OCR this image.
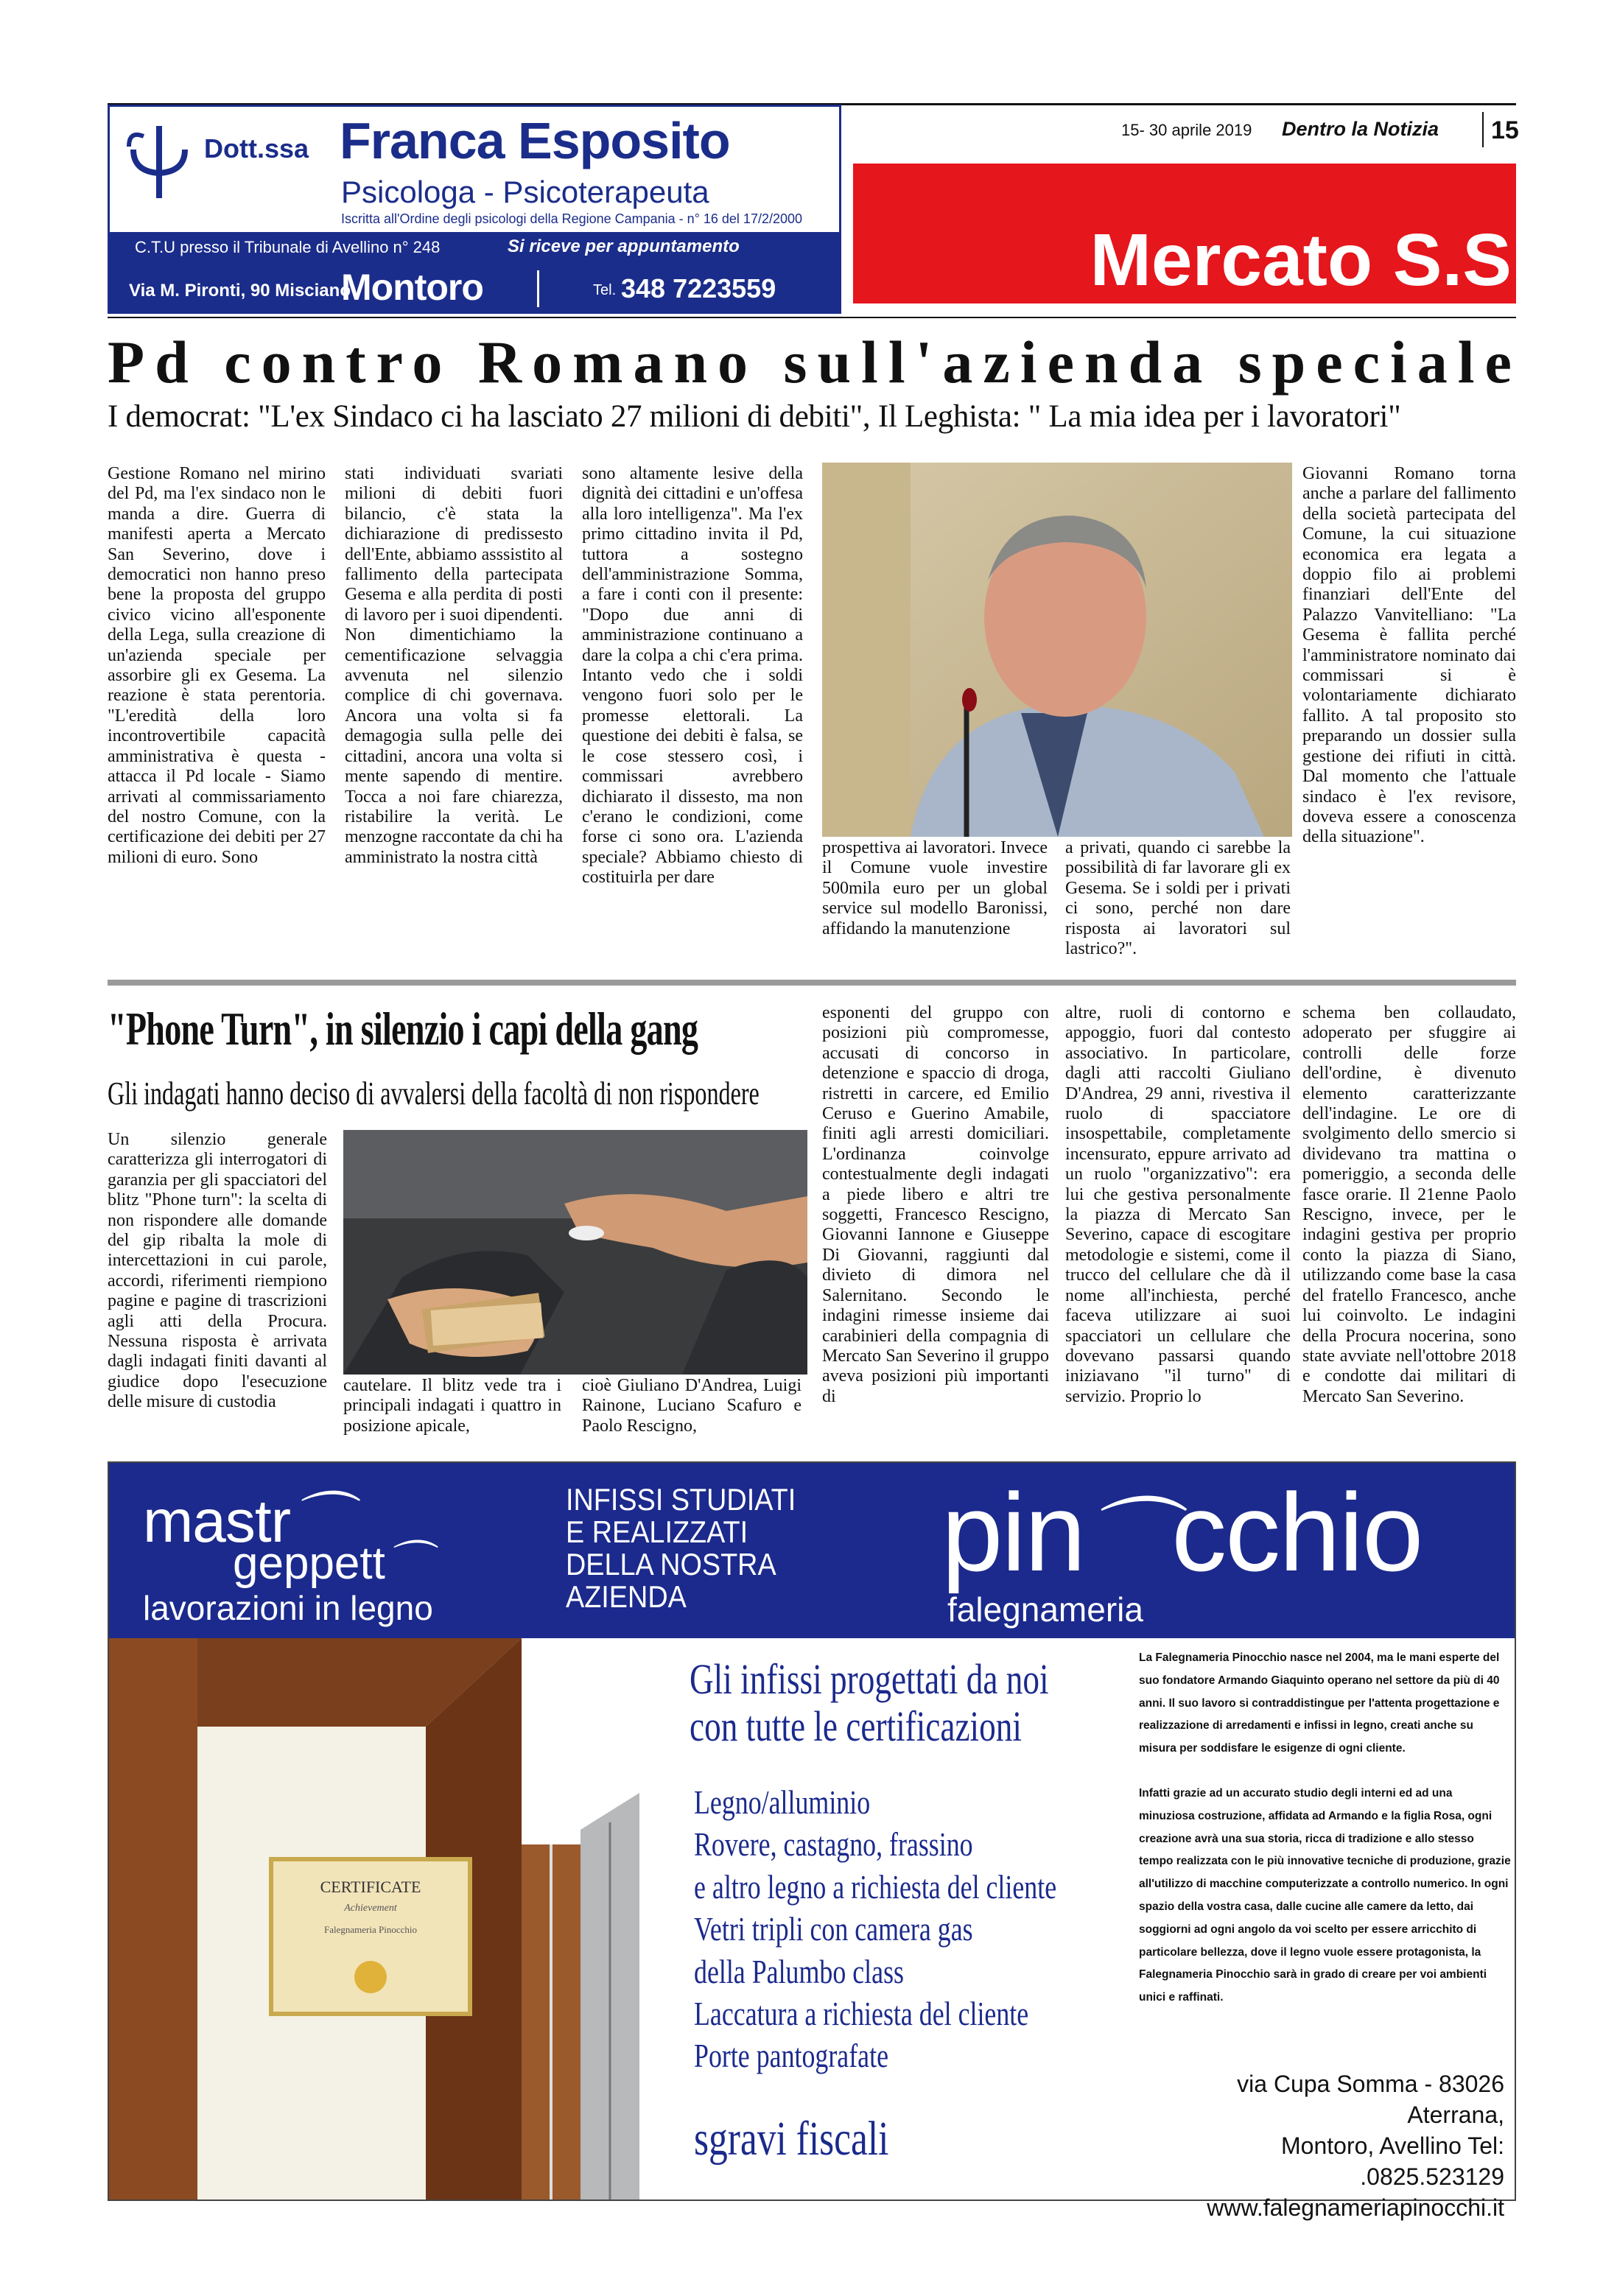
Dott.ssa Franca Esposito
Psicologa - Psicoterapeuta
Iscritta all'Ordine degli psicologi della Regione Campania - n° 16 del 17/2/2000
C.T.U presso il Tribunale di Avellino n° 248	Si riceve per appuntamento
Via M. Pironti, 90 Misciano
Montoro	Tel. 348 7223559
15- 30 aprile 2019 Dentro la Notizia 15
Mercato S.S
Pd contro Romano sull'azienda speciale
I democrat: "L'ex Sindaco ci ha lasciato 27 milioni di debiti", Il Leghista: " La mia idea per i lavoratori"
Gestione Romano nel mirino del Pd, ma l'ex sindaco non le manda a dire. Guerra di manifesti aperta a Mercato San Severino, dove i democratici non hanno preso bene la proposta del gruppo civico vicino all'esponente della Lega, sulla creazione di un'azienda speciale per assorbire gli ex Gesema. La reazione è stata perentoria. "L'eredità della loro incontrovertibile capacità amministrativa è questa - attacca il Pd locale - Siamo arrivati al commissariamento del nostro Comune, con la certificazione dei debiti per 27 milioni di euro. Sono
stati individuati svariati milioni di debiti fuori bilancio, c'è stata la dichiarazione di predissesto dell'Ente, abbiamo asssistito al fallimento della partecipata Gesema e alla perdita di posti di lavoro per i suoi dipendenti. Non dimentichiamo la cementificazione selvaggia avvenuta nel silenzio complice di chi governava. Ancora una volta si fa demagogia sulla pelle dei cittadini, ancora una volta si mente sapendo di mentire. Tocca a noi fare chiarezza, ristabilire la verità. Le menzogne raccontate da chi ha amministrato la nostra città
sono altamente lesive della dignità dei cittadini e un'offesa alla loro intelligenza". Ma l'ex primo cittadino invita il Pd, tuttora a sostegno dell'amministrazione Somma, a fare i conti con il presente: "Dopo due anni di amministrazione continuano a dare la colpa a chi c'era prima. Intanto vedo che i soldi vengono fuori solo per le promesse elettorali. La questione dei debiti è falsa, se le cose stessero così, i commissari avrebbero dichiarato il dissesto, ma non c'erano le condizioni, come forse ci sono ora. L'azienda speciale? Abbiamo chiesto di costituirla per dare
prospettiva ai lavoratori. Invece il Comune vuole investire 500mila euro per un global service sul modello Baronissi, affidando la manutenzione
a privati, quando ci sarebbe la possibilità di far lavorare gli ex Gesema. Se i soldi per i privati ci sono, perché non dare risposta ai lavoratori sul lastrico?".
Giovanni Romano torna anche a parlare del fallimento della società partecipata del Comune, la cui situazione economica era legata a doppio filo ai problemi finanziari dell'Ente del Palazzo Vanvitelliano: "La Gesema è fallita perché l'amministratore nominato dai commissari si è volontariamente dichiarato fallito. A tal proposito sto preparando un dossier sulla gestione dei rifiuti in città. Dal momento che l'attuale sindaco è l'ex revisore, doveva essere a conoscenza della situazione".
"Phone Turn", in silenzio i capi della gang
Gli indagati hanno deciso di avvalersi della facoltà di non rispondere
Un silenzio generale caratterizza gli interrogatori di garanzia per gli spacciatori del blitz "Phone turn": la scelta di non rispondere alle domande del gip ribalta la mole di intercettazioni in cui parole, accordi, riferimenti riempiono pagine e pagine di trascrizioni agli atti della Procura. Nessuna risposta è arrivata dagli indagati finiti davanti al giudice dopo l'esecuzione delle misure di custodia
cautelare. Il blitz vede tra i principali indagati i quattro in posizione apicale,
cioè Giuliano D'Andrea, Luigi Rainone, Luciano Scafuro e Paolo Rescigno,
esponenti del gruppo con posizioni più compromesse, accusati di concorso in detenzione e spaccio di droga, ristretti in carcere, ed Emilio Ceruso e Guerino Amabile, finiti agli arresti domiciliari. L'ordinanza coinvolge contestualmente degli indagati a piede libero e altri tre soggetti, Francesco Rescigno, Giovanni Iannone e Giuseppe Di Giovanni, raggiunti dal divieto di dimora nel Salernitano. Secondo le indagini rimesse insieme dai carabinieri della compagnia di Mercato San Severino il gruppo aveva posizioni più importanti di
altre, ruoli di contorno e appoggio, fuori dal contesto associativo. In particolare, dagli atti raccolti Giuliano D'Andrea, 29 anni, rivestiva il ruolo di spacciatore insospettabile, completamente incensurato, eppure arrivato ad un ruolo "organizzativo": era lui che gestiva personalmente la piazza di Mercato San Severino, capace di escogitare metodologie e sistemi, come il trucco del cellulare che dà il nome all'inchiesta, perché faceva utilizzare ai suoi spacciatori un cellulare che dovevano passarsi quando iniziavano "il turno" di servizio. Proprio lo
schema ben collaudato, adoperato per sfuggire ai controlli delle forze dell'ordine, è divenuto elemento caratterizzante dell'indagine. Le ore di svolgimento dello smercio si dividevano tra mattina o pomeriggio, a seconda delle fasce orarie. Il 21enne Paolo Rescigno, invece, per le indagini gestiva per proprio conto la piazza di Siano, utilizzando come base la casa del fratello Francesco, anche lui coinvolto. Le indagini della Procura nocerina, sono state avviate nell'ottobre 2018 e condotte dai militari di Mercato San Severino.
mastr⌒
geppett⌒
lavorazioni in legno
INFISSI STUDIATI
E REALIZZATI
DELLA NOSTRA
AZIENDA
pin⌒cchio
falegnameria
CERTIFICATE
Achievement
Falegnameria Pinocchio
Gli infissi progettati da noi
con tutte le certificazioni
Legno/alluminio
Rovere, castagno, frassino
e altro legno a richiesta del cliente
Vetri tripli con camera gas
della Palumbo class
Laccatura a richiesta del cliente
Porte pantografate
sgravi fiscali
La Falegnameria Pinocchio nasce nel 2004, ma le mani esperte del suo fondatore Armando Giaquinto operano nel settore da più di 40 anni. Il suo lavoro si contraddistingue per l'attenta progettazione e realizzazione di arredamenti e infissi in legno, creati anche su misura per soddisfare le esigenze di ogni cliente.
Infatti grazie ad un accurato studio degli interni ed ad una minuziosa costruzione, affidata ad Armando e la figlia Rosa, ogni creazione avrà una sua storia, ricca di tradizione e allo stesso tempo realizzata con le più innovative tecniche di produzione, grazie all'utilizzo di macchine computerizzate a controllo numerico. In ogni spazio della vostra casa, dalle cucine alle camere da letto, dai soggiorni ad ogni angolo da voi scelto per essere arricchito di particolare bellezza, dove il legno vuole essere protagonista, la Falegnameria Pinocchio sarà in grado di creare per voi ambienti unici e raffinati.
via Cupa Somma - 83026 Aterrana,
Montoro, Avellino Tel: .0825.523129
www.falegnameriapinocchi.it
